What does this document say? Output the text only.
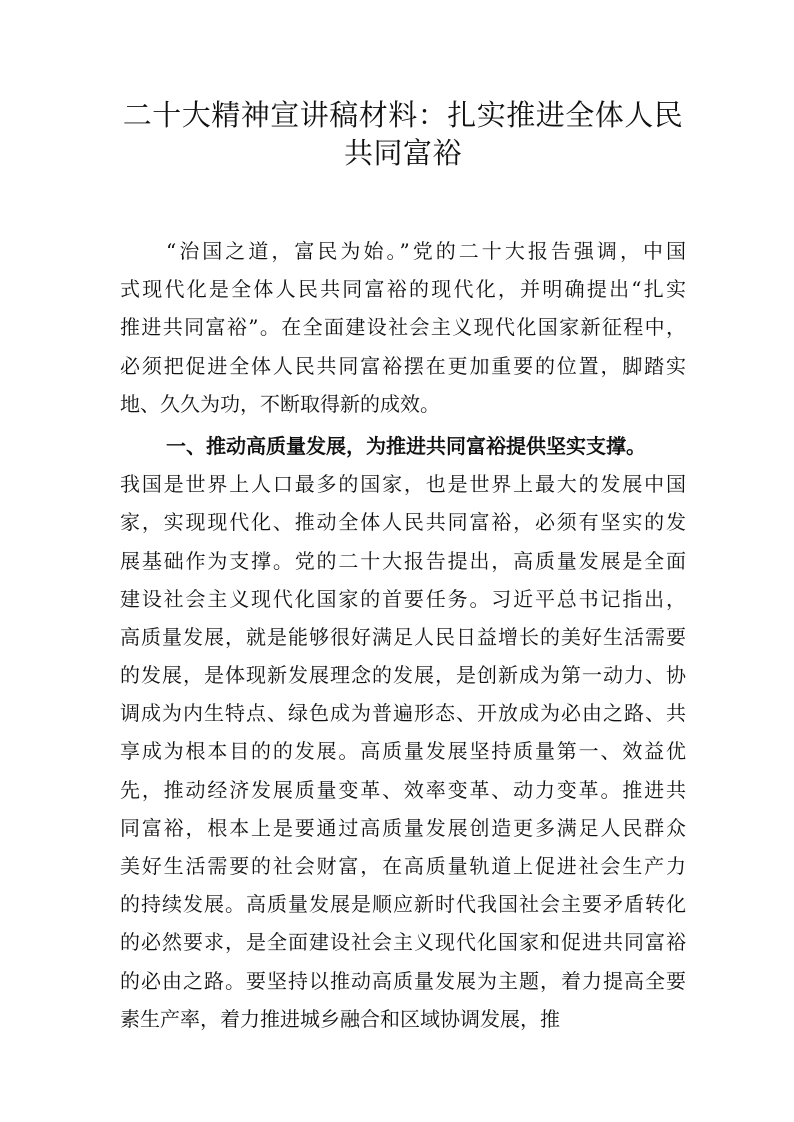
二十大精神宣讲稿材料：扎实推进全体人民
共同富裕
“治国之道，富民为始。”党的二十大报告强调，中国
式现代化是全体人民共同富裕的现代化，并明确提出“扎实
推进共同富裕”。在全面建设社会主义现代化国家新征程中，
必须把促进全体人民共同富裕摆在更加重要的位置，脚踏实
地、久久为功，不断取得新的成效。
一、推动高质量发展，为推进共同富裕提供坚实支撑。
我国是世界上人口最多的国家，也是世界上最大的发展中国
家，实现现代化、推动全体人民共同富裕，必须有坚实的发
展基础作为支撑。党的二十大报告提出，高质量发展是全面
建设社会主义现代化国家的首要任务。习近平总书记指出，
高质量发展，就是能够很好满足人民日益增长的美好生活需要
的发展，是体现新发展理念的发展，是创新成为第一动力、协
调成为内生特点、绿色成为普遍形态、开放成为必由之路、共
享成为根本目的的发展。高质量发展坚持质量第一、效益优
先，推动经济发展质量变革、效率变革、动力变革。推进共
同富裕，根本上是要通过高质量发展创造更多满足人民群众
美好生活需要的社会财富，在高质量轨道上促进社会生产力
的持续发展。高质量发展是顺应新时代我国社会主要矛盾转化
的必然要求，是全面建设社会主义现代化国家和促进共同富裕
的必由之路。要坚持以推动高质量发展为主题，着力提高全要
素生产率，着力推进城乡融合和区域协调发展，推
